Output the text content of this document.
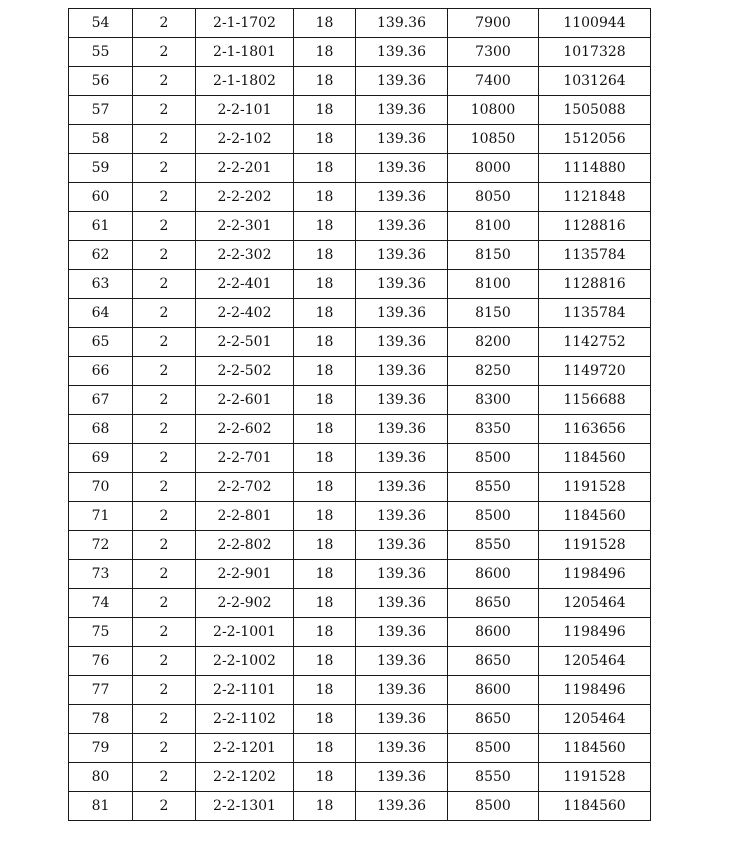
54	2	2-1-1702	18	139.36	7900	1100944
55	2	2-1-1801	18	139.36	7300	1017328
56	2	2-1-1802	18	139.36	7400	1031264
57	2	2-2-101	18	139.36	10800	1505088
58	2	2-2-102	18	139.36	10850	1512056
59	2	2-2-201	18	139.36	8000	1114880
60	2	2-2-202	18	139.36	8050	1121848
61	2	2-2-301	18	139.36	8100	1128816
62	2	2-2-302	18	139.36	8150	1135784
63	2	2-2-401	18	139.36	8100	1128816
64	2	2-2-402	18	139.36	8150	1135784
65	2	2-2-501	18	139.36	8200	1142752
66	2	2-2-502	18	139.36	8250	1149720
67	2	2-2-601	18	139.36	8300	1156688
68	2	2-2-602	18	139.36	8350	1163656
69	2	2-2-701	18	139.36	8500	1184560
70	2	2-2-702	18	139.36	8550	1191528
71	2	2-2-801	18	139.36	8500	1184560
72	2	2-2-802	18	139.36	8550	1191528
73	2	2-2-901	18	139.36	8600	1198496
74	2	2-2-902	18	139.36	8650	1205464
75	2	2-2-1001	18	139.36	8600	1198496
76	2	2-2-1002	18	139.36	8650	1205464
77	2	2-2-1101	18	139.36	8600	1198496
78	2	2-2-1102	18	139.36	8650	1205464
79	2	2-2-1201	18	139.36	8500	1184560
80	2	2-2-1202	18	139.36	8550	1191528
81	2	2-2-1301	18	139.36	8500	1184560
